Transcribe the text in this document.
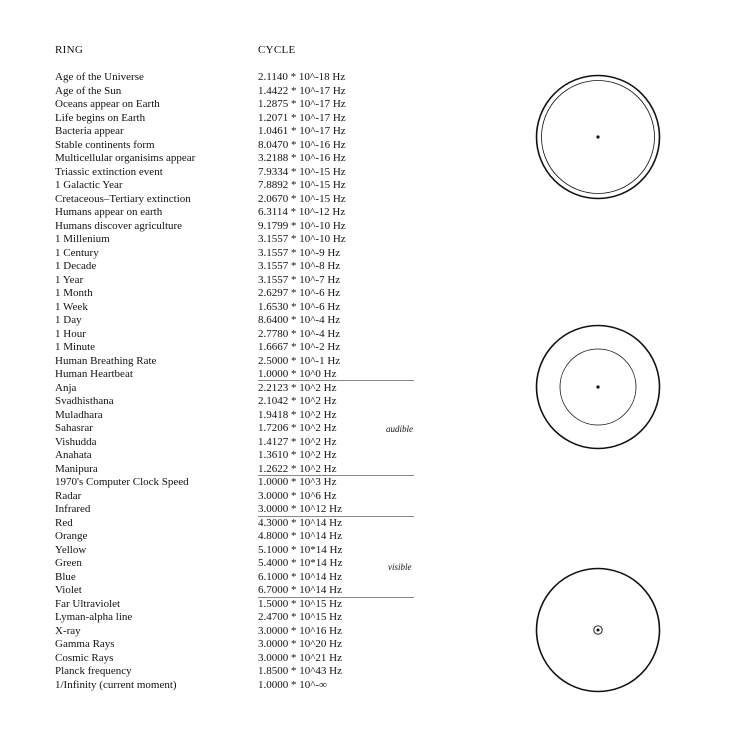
RING	CYCLE
Age of the Universe	2.1140 * 10^-18 Hz
Age of the Sun	1.4422 * 10^-17 Hz
Oceans appear on Earth	1.2875 * 10^-17 Hz
Life begins on Earth	1.2071 * 10^-17 Hz
Bacteria appear	1.0461 * 10^-17 Hz
Stable continents form	8.0470 * 10^-16 Hz
Multicellular organisims appear	3.2188 * 10^-16 Hz
Triassic extinction event	7.9334 * 10^-15 Hz
1 Galactic Year	7.8892 * 10^-15 Hz
Cretaceous–Tertiary extinction	2.0670 * 10^-15 Hz
Humans appear on earth	6.3114 * 10^-12 Hz
Humans discover agriculture	9.1799 * 10^-10 Hz
1 Millenium	3.1557 * 10^-10 Hz
1 Century	3.1557 * 10^-9 Hz
1 Decade	3.1557 * 10^-8 Hz
1 Year	3.1557 * 10^-7 Hz
1 Month	2.6297 * 10^-6 Hz
1 Week	1.6530 * 10^-6 Hz
1 Day	8.6400 * 10^-4 Hz
1 Hour	2.7780 * 10^-4 Hz
1 Minute	1.6667 * 10^-2 Hz
Human Breathing Rate	2.5000 * 10^-1 Hz
Human Heartbeat	1.0000 * 10^0 Hz
Anja	2.2123 * 10^2 Hz
Svadhisthana	2.1042 * 10^2 Hz
Muladhara	1.9418 * 10^2 Hz
Sahasrar	1.7206 * 10^2 Hz
Vishudda	1.4127 * 10^2 Hz
Anahata	1.3610 * 10^2 Hz
Manipura	1.2622 * 10^2 Hz
1970's Computer Clock Speed	1.0000 * 10^3 Hz
Radar	3.0000 * 10^6 Hz
Infrared	3.0000 * 10^12 Hz
Red	4.3000 * 10^14 Hz
Orange	4.8000 * 10^14 Hz
Yellow	5.1000 * 10*14 Hz
Green	5.4000 * 10*14 Hz
Blue	6.1000 * 10^14 Hz
Violet	6.7000 * 10^14 Hz
Far Ultraviolet	1.5000 * 10^15 Hz
Lyman-alpha line	2.4700 * 10^15 Hz
X-ray	3.0000 * 10^16 Hz
Gamma Rays	3.0000 * 10^20 Hz
Cosmic Rays	3.0000 * 10^21 Hz
Planck frequency	1.8500 * 10^43 Hz
1/Infinity (current moment)	1.0000 * 10^-∞
audible
visible
